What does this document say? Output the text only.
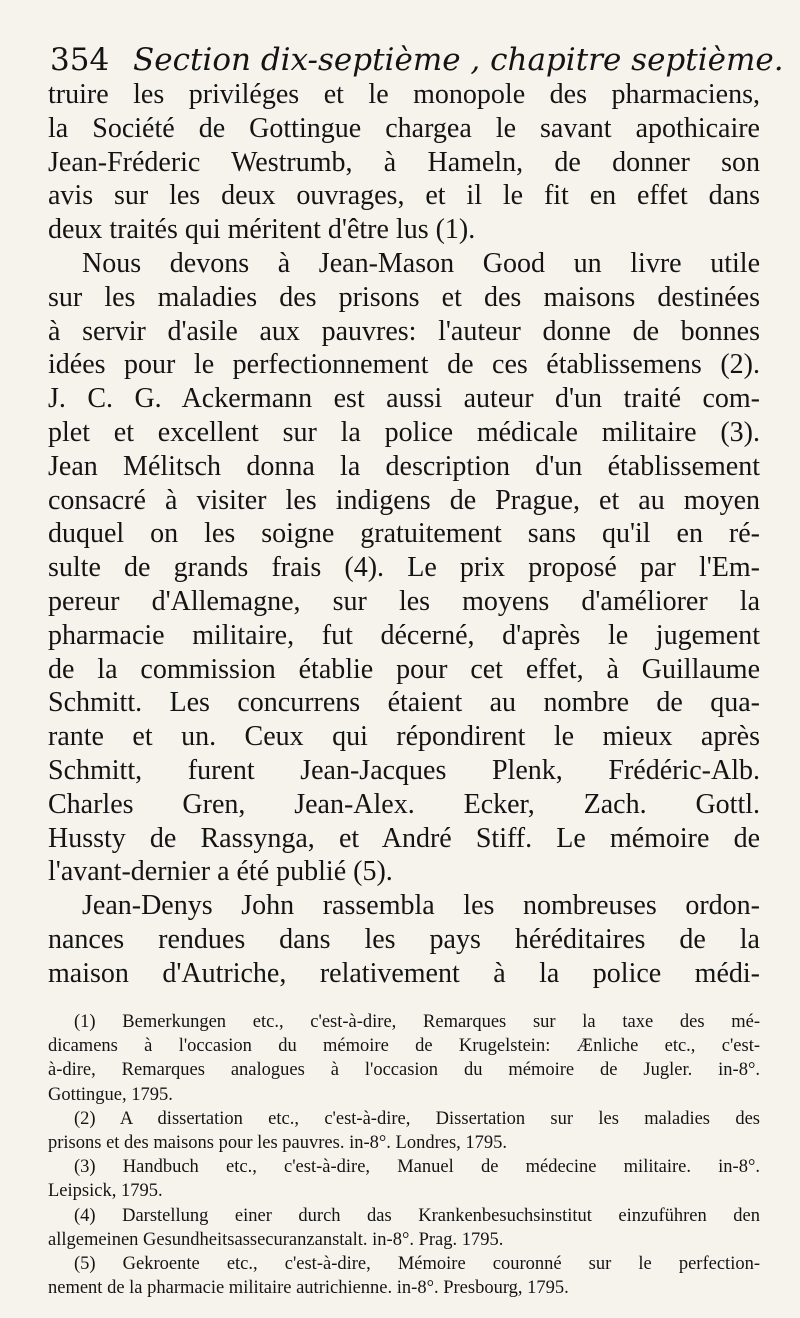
354 Section dix-septième , chapitre septième.
truire les priviléges et le monopole des pharmaciens,
la Société de Gottingue chargea le savant apothicaire
Jean-Fréderic Westrumb, à Hameln, de donner son
avis sur les deux ouvrages, et il le fit en effet dans
deux traités qui méritent d'être lus (1).
Nous devons à Jean-Mason Good un livre utile
sur les maladies des prisons et des maisons destinées
à servir d'asile aux pauvres: l'auteur donne de bonnes
idées pour le perfectionnement de ces établissemens (2).
J. C. G. Ackermann est aussi auteur d'un traité com-
plet et excellent sur la police médicale militaire (3).
Jean Mélitsch donna la description d'un établissement
consacré à visiter les indigens de Prague, et au moyen
duquel on les soigne gratuitement sans qu'il en ré-
sulte de grands frais (4). Le prix proposé par l'Em-
pereur d'Allemagne, sur les moyens d'améliorer la
pharmacie militaire, fut décerné, d'après le jugement
de la commission établie pour cet effet, à Guillaume
Schmitt. Les concurrens étaient au nombre de qua-
rante et un. Ceux qui répondirent le mieux après
Schmitt, furent Jean-Jacques Plenk, Frédéric-Alb.
Charles Gren, Jean-Alex. Ecker, Zach. Gottl.
Hussty de Rassynga, et André Stiff. Le mémoire de
l'avant-dernier a été publié (5).
Jean-Denys John rassembla les nombreuses ordon-
nances rendues dans les pays héréditaires de la
maison d'Autriche, relativement à la police médi-
(1) Bemerkungen etc., c'est-à-dire, Remarques sur la taxe des mé-
dicamens à l'occasion du mémoire de Krugelstein: Ænliche etc., c'est-
à-dire, Remarques analogues à l'occasion du mémoire de Jugler. in-8°.
Gottingue, 1795.
(2) A dissertation etc., c'est-à-dire, Dissertation sur les maladies des
prisons et des maisons pour les pauvres. in-8°. Londres, 1795.
(3) Handbuch etc., c'est-à-dire, Manuel de médecine militaire. in-8°.
Leipsick, 1795.
(4) Darstellung einer durch das Krankenbesuchsinstitut einzuführen den
allgemeinen Gesundheitsassecuranzanstalt. in-8°. Prag. 1795.
(5) Gekroente etc., c'est-à-dire, Mémoire couronné sur le perfection-
nement de la pharmacie militaire autrichienne. in-8°. Presbourg, 1795.
